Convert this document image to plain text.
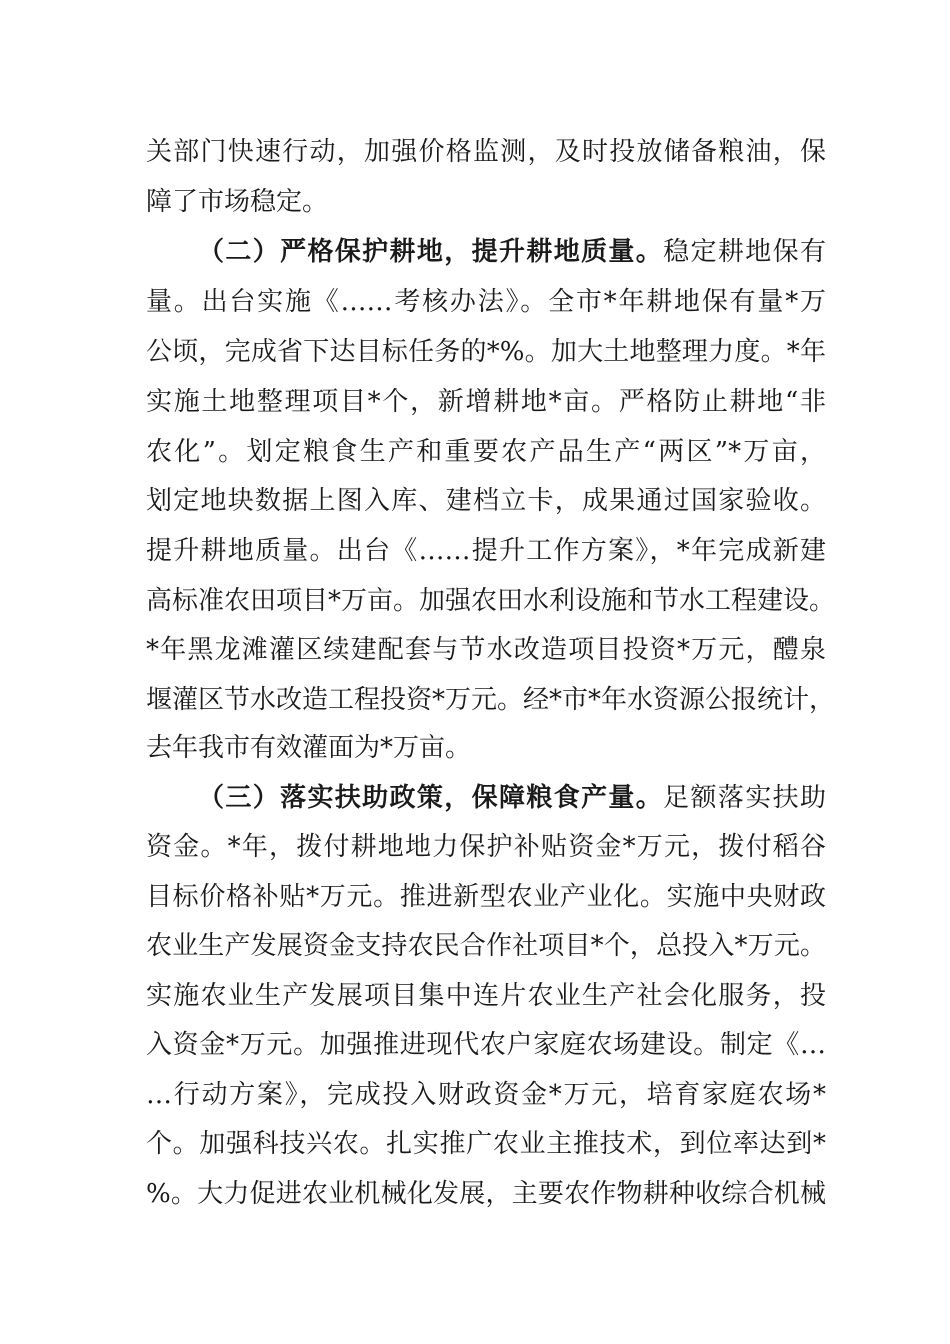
关部门快速行动，加强价格监测，及时投放储备粮油，保
障了市场稳定。
（二）严格保护耕地，提升耕地质量。稳定耕地保有
量。出台实施《……考核办法》。全市*年耕地保有量*万
公顷，完成省下达目标任务的*%。加大土地整理力度。*年
实施土地整理项目*个，新增耕地*亩。严格防止耕地“非
农化”。划定粮食生产和重要农产品生产“两区”*万亩，
划定地块数据上图入库、建档立卡，成果通过国家验收。
提升耕地质量。出台《……提升工作方案》，*年完成新建
高标准农田项目*万亩。加强农田水利设施和节水工程建设。
*年黑龙滩灌区续建配套与节水改造项目投资*万元，醴泉
堰灌区节水改造工程投资*万元。经*市*年水资源公报统计，
去年我市有效灌面为*万亩。
（三）落实扶助政策，保障粮食产量。足额落实扶助
资金。*年，拨付耕地地力保护补贴资金*万元，拨付稻谷
目标价格补贴*万元。推进新型农业产业化。实施中央财政
农业生产发展资金支持农民合作社项目*个，总投入*万元。
实施农业生产发展项目集中连片农业生产社会化服务，投
入资金*万元。加强推进现代农户家庭农场建设。制定《…
…行动方案》，完成投入财政资金*万元，培育家庭农场*
个。加强科技兴农。扎实推广农业主推技术，到位率达到*
%。大力促进农业机械化发展，主要农作物耕种收综合机械
